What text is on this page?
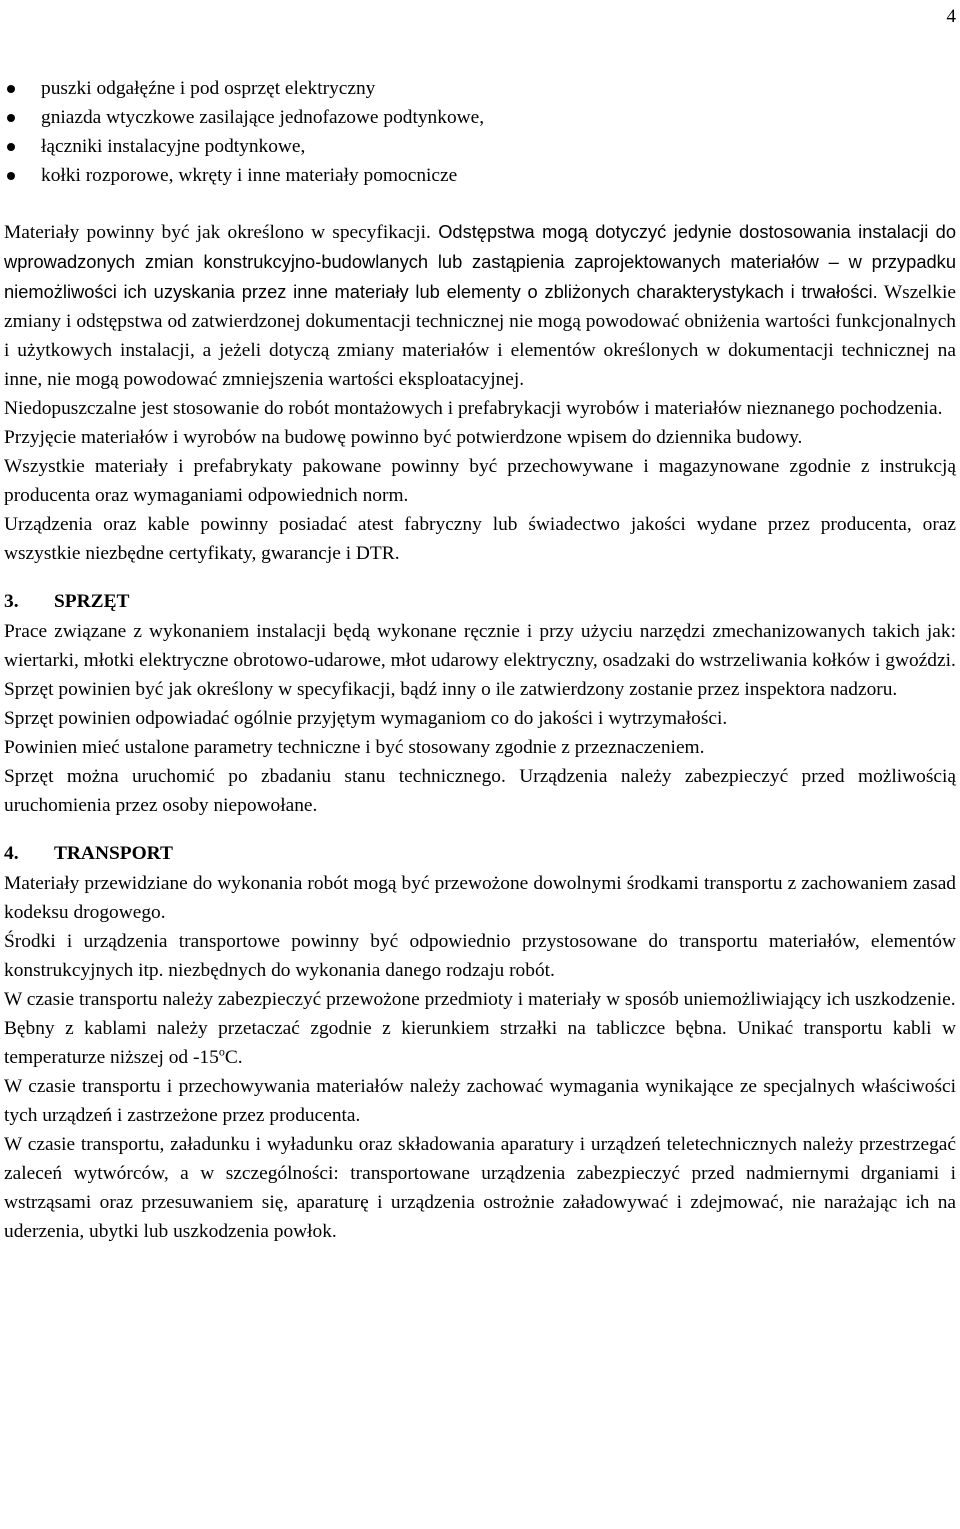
4
puszki odgałęźne i pod osprzęt elektryczny
gniazda wtyczkowe zasilające jednofazowe podtynkowe,
łączniki instalacyjne podtynkowe,
kołki rozporowe, wkręty i inne materiały pomocnicze

Materiały powinny być jak określono w specyfikacji. Odstępstwa mogą dotyczyć jedynie dostosowania instalacji do wprowadzonych zmian konstrukcyjno-budowlanych lub zastąpienia zaprojektowanych materiałów – w przypadku niemożliwości ich uzyskania przez inne materiały lub elementy o zbliżonych charakterystykach i trwałości. Wszelkie zmiany i odstępstwa od zatwierdzonej dokumentacji technicznej nie mogą powodować obniżenia wartości funkcjonalnych i użytkowych instalacji, a jeżeli dotyczą zmiany materiałów i elementów określonych w dokumentacji technicznej na inne, nie mogą powodować zmniejszenia wartości eksploatacyjnej.

Niedopuszczalne jest stosowanie do robót montażowych i prefabrykacji wyrobów i materiałów nieznanego pochodzenia.

Przyjęcie materiałów i wyrobów na budowę powinno być potwierdzone wpisem do dziennika budowy.

Wszystkie materiały i prefabrykaty pakowane powinny być przechowywane i magazynowane zgodnie z instrukcją producenta oraz wymaganiami odpowiednich norm.

Urządzenia oraz kable powinny posiadać atest fabryczny lub świadectwo jakości wydane przez producenta, oraz wszystkie niezbędne certyfikaty, gwarancje i DTR.

3. SPRZĘT

Prace związane z wykonaniem instalacji będą wykonane ręcznie i przy użyciu narzędzi zmechanizowanych takich jak: wiertarki, młotki elektryczne obrotowo-udarowe, młot udarowy elektryczny, osadzaki do wstrzeliwania kołków i gwoździ.

Sprzęt powinien być jak określony w specyfikacji, bądź inny o ile zatwierdzony zostanie przez inspektora nadzoru.

Sprzęt powinien odpowiadać ogólnie przyjętym wymaganiom co do jakości i wytrzymałości.

Powinien mieć ustalone parametry techniczne i być stosowany zgodnie z przeznaczeniem.

Sprzęt można uruchomić po zbadaniu stanu technicznego. Urządzenia należy zabezpieczyć przed możliwością uruchomienia przez osoby niepowołane.

4. TRANSPORT

Materiały przewidziane do wykonania robót mogą być przewożone dowolnymi środkami transportu z zachowaniem zasad kodeksu drogowego.

Środki i urządzenia transportowe powinny być odpowiednio przystosowane do transportu materiałów, elementów konstrukcyjnych itp. niezbędnych do wykonania danego rodzaju robót.

W czasie transportu należy zabezpieczyć przewożone przedmioty i materiały w sposób uniemożliwiający ich uszkodzenie.

Bębny z kablami należy przetaczać zgodnie z kierunkiem strzałki na tabliczce bębna. Unikać transportu kabli w temperaturze niższej od -15$^o$C.

W czasie transportu i przechowywania materiałów należy zachować wymagania wynikające ze specjalnych właściwości tych urządzeń i zastrzeżone przez producenta.

W czasie transportu, załadunku i wyładunku oraz składowania aparatury i urządzeń teletechnicznych należy przestrzegać zaleceń wytwórców, a w szczególności: transportowane urządzenia zabezpieczyć przed nadmiernymi drganiami i wstrząsami oraz przesuwaniem się, aparaturę i urządzenia ostrożnie załadowywać i zdejmować, nie narażając ich na uderzenia, ubytki lub uszkodzenia powłok.
